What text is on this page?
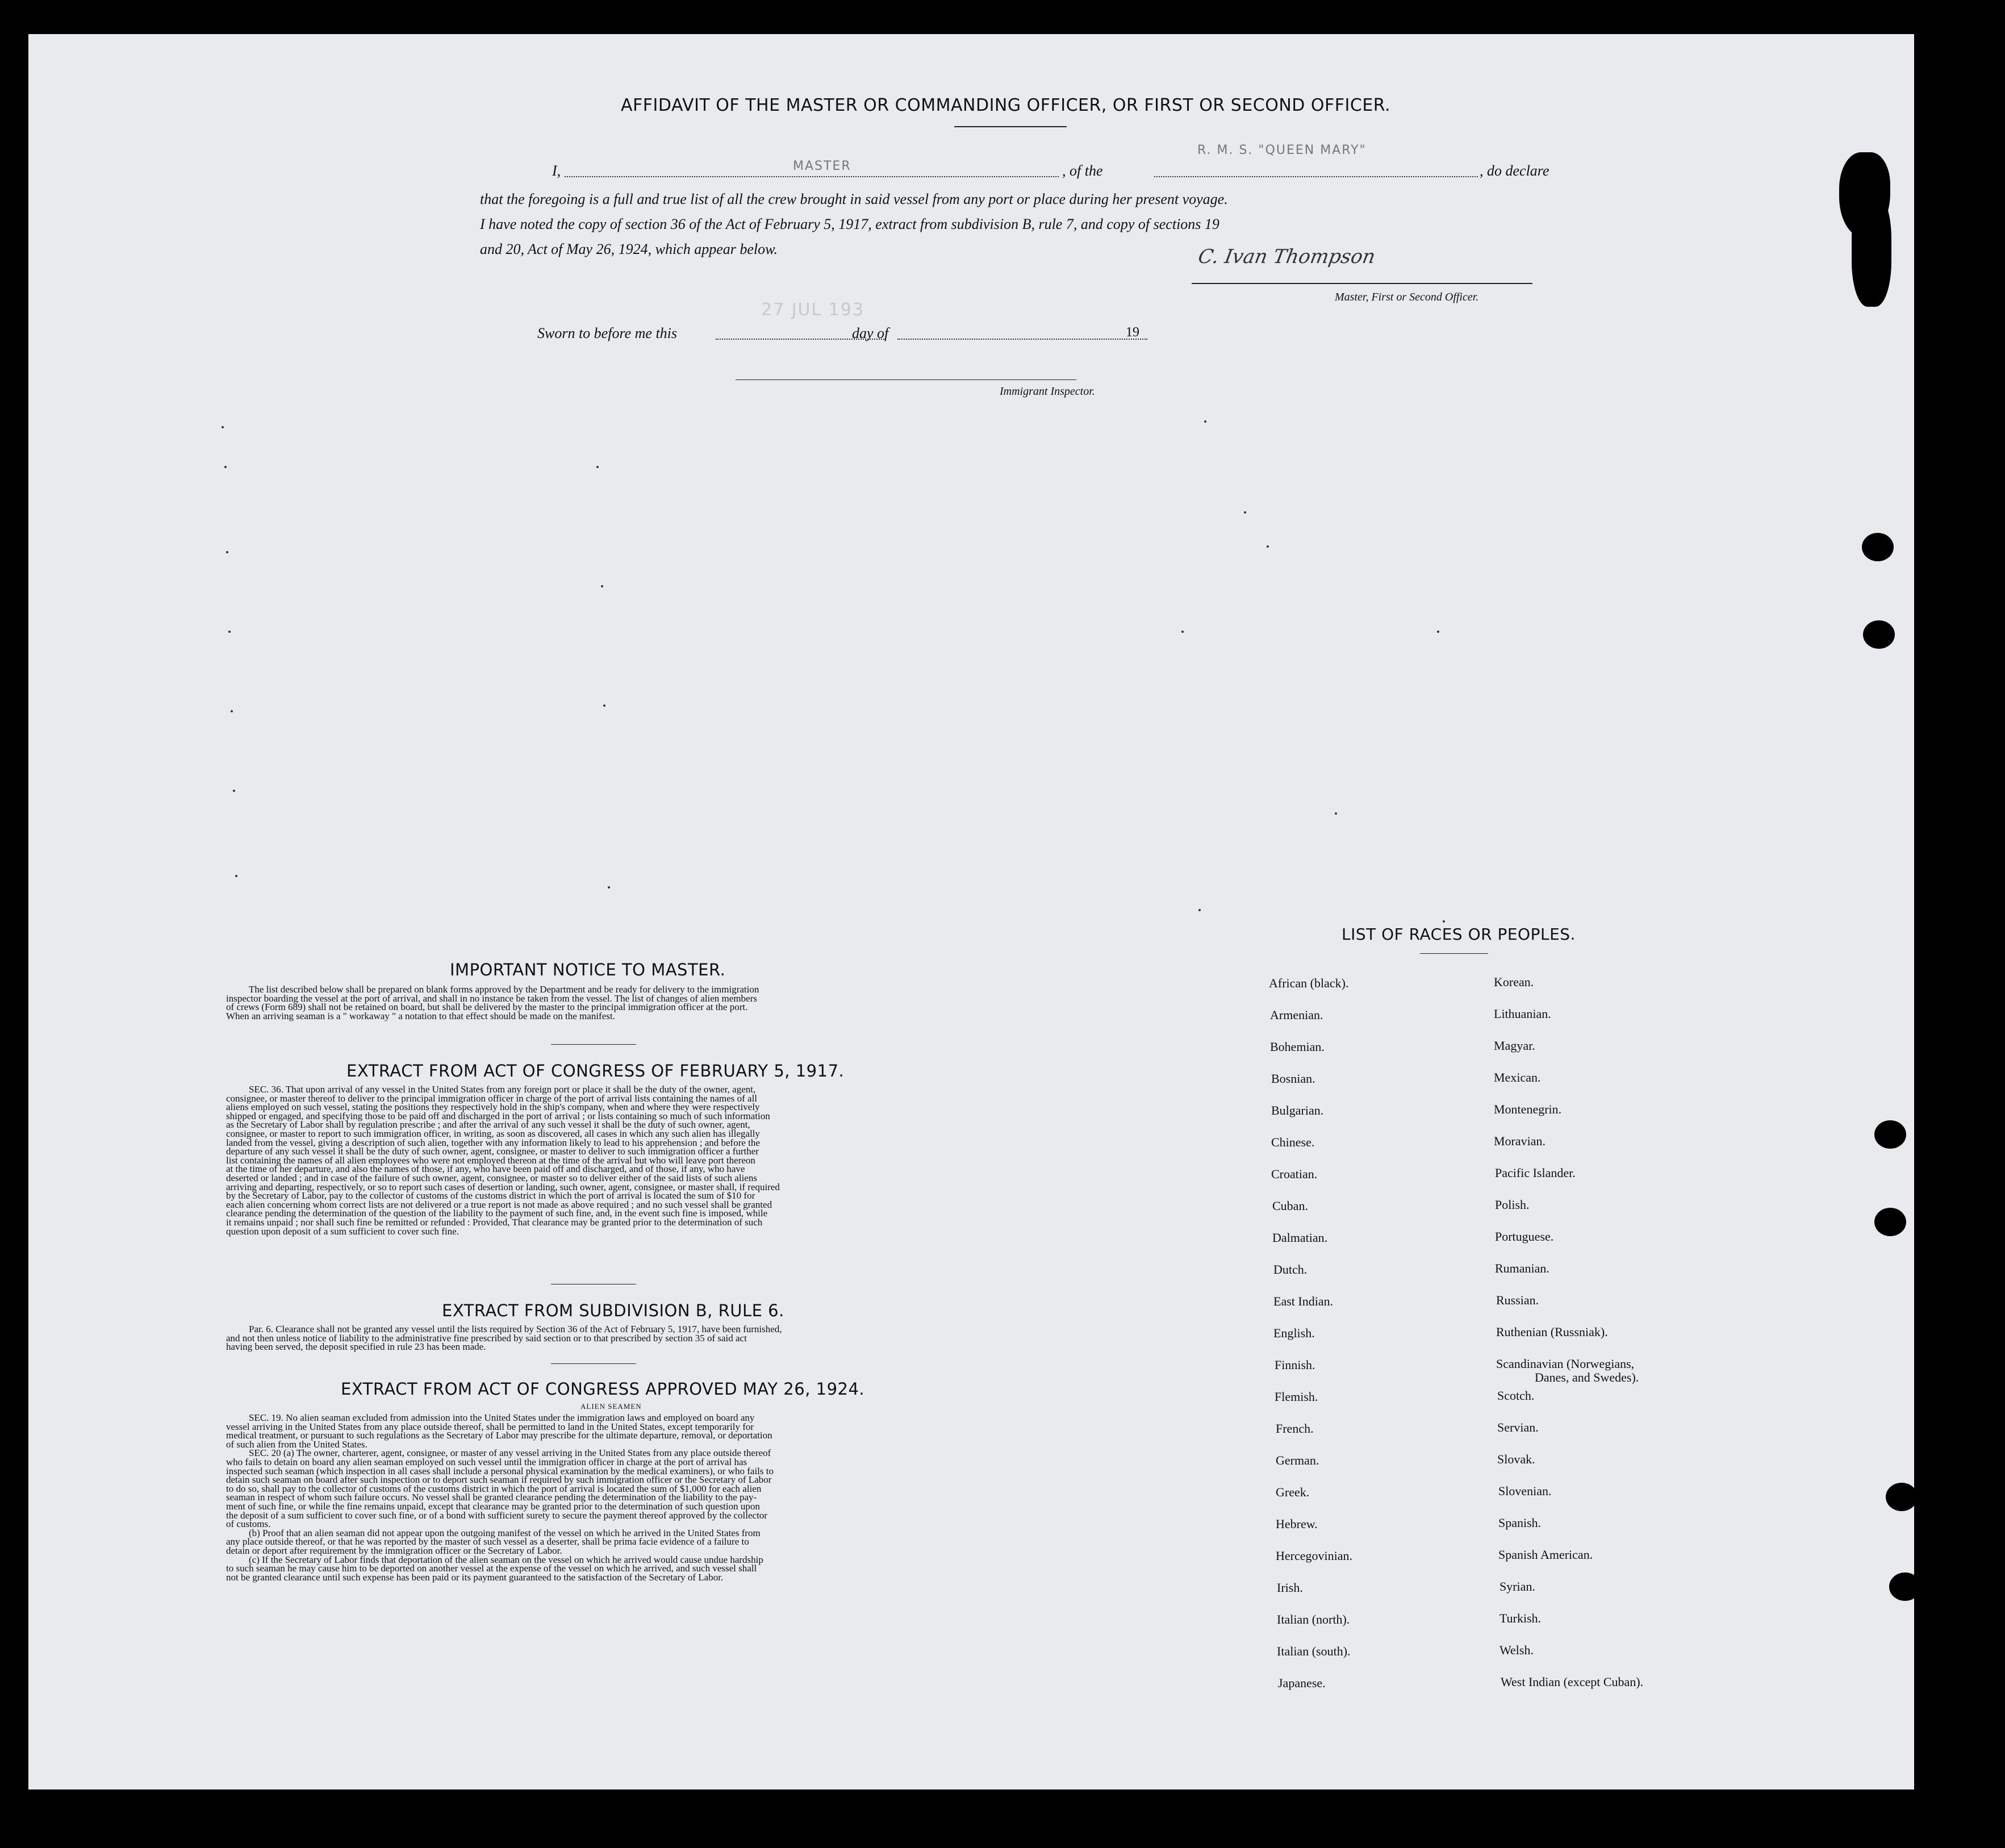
AFFIDAVIT OF THE MASTER OR COMMANDING OFFICER, OR FIRST OR SECOND OFFICER.
I,	MASTER	, of the
R. M. S. "QUEEN MARY"
, do declare
that the foregoing is a full and true list of all the crew brought in said vessel from any port or place during her present voyage.
I have noted the copy of section 36 of the Act of February 5, 1917, extract from subdivision B, rule 7, and copy of sections 19
and 20, Act of May 26, 1924, which appear below.	C. Ivan Thompson
Master, First or Second Officer.
Sworn to before me this
27 JUL 193
day of	19
Immigrant Inspector.
IMPORTANT NOTICE TO MASTER.
The list described below shall be prepared on blank forms approved by the Department and be ready for delivery to the immigration
inspector boarding the vessel at the port of arrival, and shall in no instance be taken from the vessel. The list of changes of alien members
of crews (Form 689) shall not be retained on board, but shall be delivered by the master to the principal immigration officer at the port.
When an arriving seaman is a " workaway " a notation to that effect should be made on the manifest.
EXTRACT FROM ACT OF CONGRESS OF FEBRUARY 5, 1917.
SEC. 36. That upon arrival of any vessel in the United States from any foreign port or place it shall be the duty of the owner, agent,
consignee, or master thereof to deliver to the principal immigration officer in charge of the port of arrival lists containing the names of all
aliens employed on such vessel, stating the positions they respectively hold in the ship's company, when and where they were respectively
shipped or engaged, and specifying those to be paid off and discharged in the port of arrival ; or lists containing so much of such information
as the Secretary of Labor shall by regulation prescribe ; and after the arrival of any such vessel it shall be the duty of such owner, agent,
consignee, or master to report to such immigration officer, in writing, as soon as discovered, all cases in which any such alien has illegally
landed from the vessel, giving a description of such alien, together with any information likely to lead to his apprehension ; and before the
departure of any such vessel it shall be the duty of such owner, agent, consignee, or master to deliver to such immigration officer a further
list containing the names of all alien employees who were not employed thereon at the time of the arrival but who will leave port thereon
at the time of her departure, and also the names of those, if any, who have been paid off and discharged, and of those, if any, who have
deserted or landed ; and in case of the failure of such owner, agent, consignee, or master so to deliver either of the said lists of such aliens
arriving and departing, respectively, or so to report such cases of desertion or landing, such owner, agent, consignee, or master shall, if required
by the Secretary of Labor, pay to the collector of customs of the customs district in which the port of arrival is located the sum of $10 for
each alien concerning whom correct lists are not delivered or a true report is not made as above required ; and no such vessel shall be granted
clearance pending the determination of the question of the liability to the payment of such fine, and, in the event such fine is imposed, while
it remains unpaid ; nor shall such fine be remitted or refunded : Provided, That clearance may be granted prior to the determination of such
question upon deposit of a sum sufficient to cover such fine.
EXTRACT FROM SUBDIVISION B, RULE 6.
Par. 6. Clearance shall not be granted any vessel until the lists required by Section 36 of the Act of February 5, 1917, have been furnished,
and not then unless notice of liability to the administrative fine prescribed by said section or to that prescribed by section 35 of said act
having been served, the deposit specified in rule 23 has been made.
EXTRACT FROM ACT OF CONGRESS APPROVED MAY 26, 1924.
ALIEN SEAMEN
SEC. 19. No alien seaman excluded from admission into the United States under the immigration laws and employed on board any
vessel arriving in the United States from any place outside thereof, shall be permitted to land in the United States, except temporarily for
medical treatment, or pursuant to such regulations as the Secretary of Labor may prescribe for the ultimate departure, removal, or deportation
of such alien from the United States.
SEC. 20 (a) The owner, charterer, agent, consignee, or master of any vessel arriving in the United States from any place outside thereof
who fails to detain on board any alien seaman employed on such vessel until the immigration officer in charge at the port of arrival has
inspected such seaman (which inspection in all cases shall include a personal physical examination by the medical examiners), or who fails to
detain such seaman on board after such inspection or to deport such seaman if required by such immigration officer or the Secretary of Labor
to do so, shall pay to the collector of customs of the customs district in which the port of arrival is located the sum of $1,000 for each alien
seaman in respect of whom such failure occurs. No vessel shall be granted clearance pending the determination of the liability to the pay-
ment of such fine, or while the fine remains unpaid, except that clearance may be granted prior to the determination of such question upon
the deposit of a sum sufficient to cover such fine, or of a bond with sufficient surety to secure the payment thereof approved by the collector
of customs.
(b) Proof that an alien seaman did not appear upon the outgoing manifest of the vessel on which he arrived in the United States from
any place outside thereof, or that he was reported by the master of such vessel as a deserter, shall be prima facie evidence of a failure to
detain or deport after requirement by the immigration officer or the Secretary of Labor.
(c) If the Secretary of Labor finds that deportation of the alien seaman on the vessel on which he arrived would cause undue hardship
to such seaman he may cause him to be deported on another vessel at the expense of the vessel on which he arrived, and such vessel shall
not be granted clearance until such expense has been paid or its payment guaranteed to the satisfaction of the Secretary of Labor.
LIST OF RACES OR PEOPLES.
African (black).
Armenian.
Bohemian.
Bosnian.
Bulgarian.
Chinese.
Croatian.
Cuban.
Dalmatian.
Dutch.
East Indian.
English.
Finnish.
Flemish.
French.
German.
Greek.
Hebrew.
Hercegovinian.
Irish.
Italian (north).
Italian (south).
Japanese.
Korean.
Lithuanian.
Magyar.
Mexican.
Montenegrin.
Moravian.
Pacific Islander.
Polish.
Portuguese.
Rumanian.
Russian.
Ruthenian (Russniak).
Scandinavian (Norwegians,
Danes, and Swedes).
Scotch.
Servian.
Slovak.
Slovenian.
Spanish.
Spanish American.
Syrian.
Turkish.
Welsh.
West Indian (except Cuban).
